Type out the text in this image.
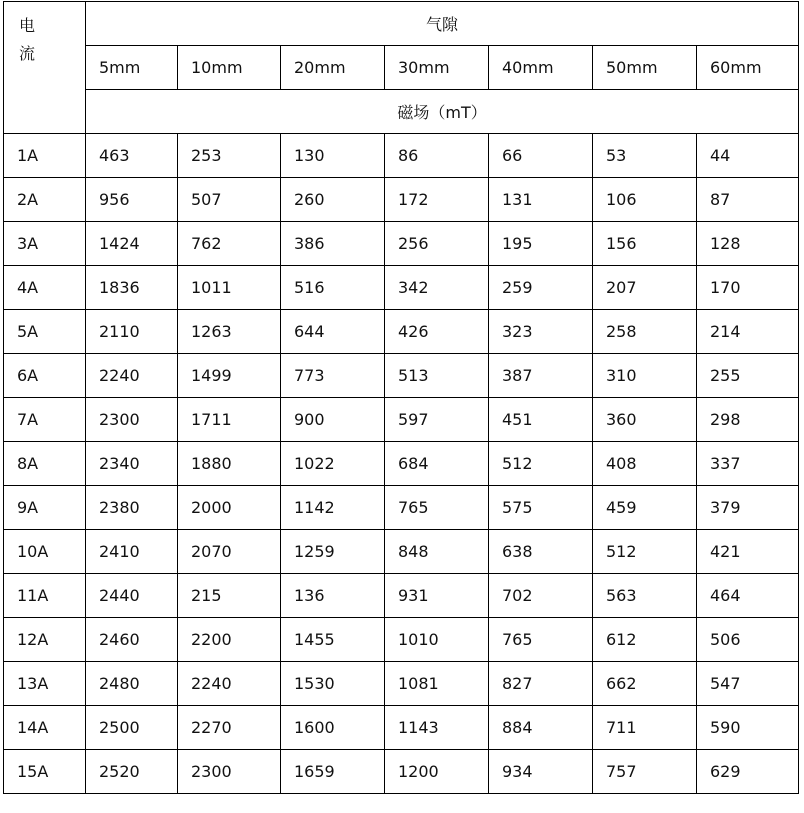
电
流	气隙						
	5mm	10mm	20mm	30mm	40mm	50mm	60mm
	磁场（mT）						
1A	463	253	130	86	66	53	44
2A	956	507	260	172	131	106	87
3A	1424	762	386	256	195	156	128
4A	1836	1011	516	342	259	207	170
5A	2110	1263	644	426	323	258	214
6A	2240	1499	773	513	387	310	255
7A	2300	1711	900	597	451	360	298
8A	2340	1880	1022	684	512	408	337
9A	2380	2000	1142	765	575	459	379
10A	2410	2070	1259	848	638	512	421
11A	2440	215	136	931	702	563	464
12A	2460	2200	1455	1010	765	612	506
13A	2480	2240	1530	1081	827	662	547
14A	2500	2270	1600	1143	884	711	590
15A	2520	2300	1659	1200	934	757	629
